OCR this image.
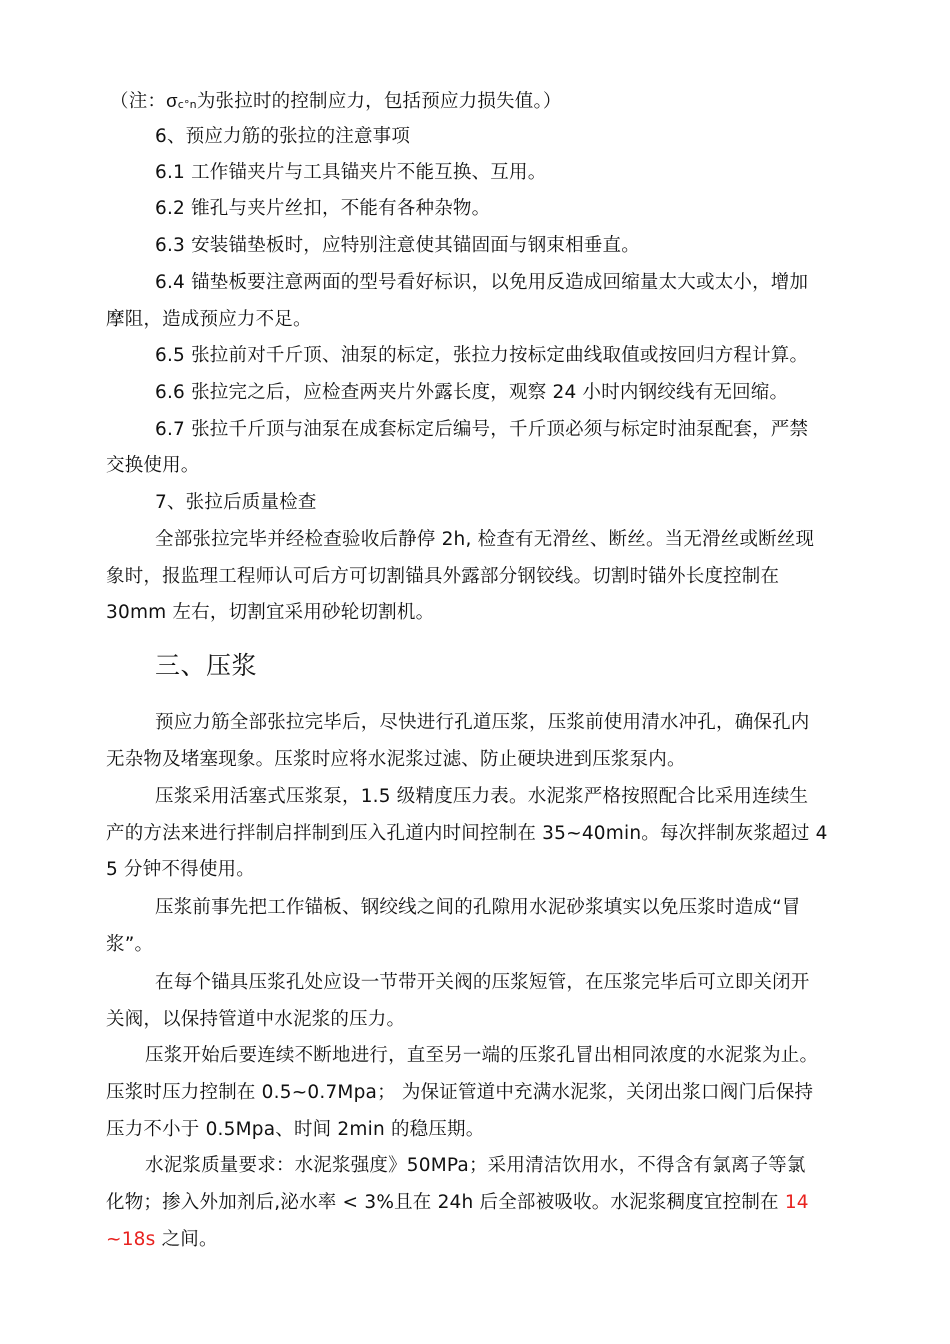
（注：σc°n为张拉时的控制应力，包括预应力损失值。）
6、预应力筋的张拉的注意事项
6.1 工作锚夹片与工具锚夹片不能互换、互用。
6.2 锥孔与夹片丝扣，不能有各种杂物。
6.3 安装锚垫板时，应特别注意使其锚固面与钢束相垂直。
6.4 锚垫板要注意两面的型号看好标识，以免用反造成回缩量太大或太小，增加
摩阻，造成预应力不足。
6.5 张拉前对千斤顶、油泵的标定，张拉力按标定曲线取值或按回归方程计算。
6.6 张拉完之后，应检查两夹片外露长度，观察 24 小时内钢绞线有无回缩。
6.7 张拉千斤顶与油泵在成套标定后编号，千斤顶必须与标定时油泵配套，严禁
交换使用。
7、张拉后质量检查
全部张拉完毕并经检查验收后静停 2h, 检查有无滑丝、断丝。当无滑丝或断丝现
象时，报监理工程师认可后方可切割锚具外露部分钢铰线。切割时锚外长度控制在
30mm 左右，切割宜采用砂轮切割机。
三、压浆
预应力筋全部张拉完毕后，尽快进行孔道压浆，压浆前使用清水冲孔，确保孔内
无杂物及堵塞现象。压浆时应将水泥浆过滤、防止硬块进到压浆泵内。
压浆采用活塞式压浆泵，1.5 级精度压力表。水泥浆严格按照配合比采用连续生
产的方法来进行拌制启拌制到压入孔道内时间控制在 35~40min。每次拌制灰浆超过 4
5 分钟不得使用。
压浆前事先把工作锚板、钢绞线之间的孔隙用水泥砂浆填实以免压浆时造成“冒
浆”。
在每个锚具压浆孔处应设一节带开关阀的压浆短管，在压浆完毕后可立即关闭开
关阀，以保持管道中水泥浆的压力。
压浆开始后要连续不断地进行，直至另一端的压浆孔冒出相同浓度的水泥浆为止。
压浆时压力控制在 0.5~0.7Mpa； 为保证管道中充满水泥浆，关闭出浆口阀门后保持
压力不小于 0.5Mpa、时间 2min 的稳压期。
水泥浆质量要求：水泥浆强度》50MPa；采用清洁饮用水，不得含有氯离子等氯
化物；掺入外加剂后,泌水率 < 3%且在 24h 后全部被吸收。水泥浆稠度宜控制在 14
~18s 之间。
